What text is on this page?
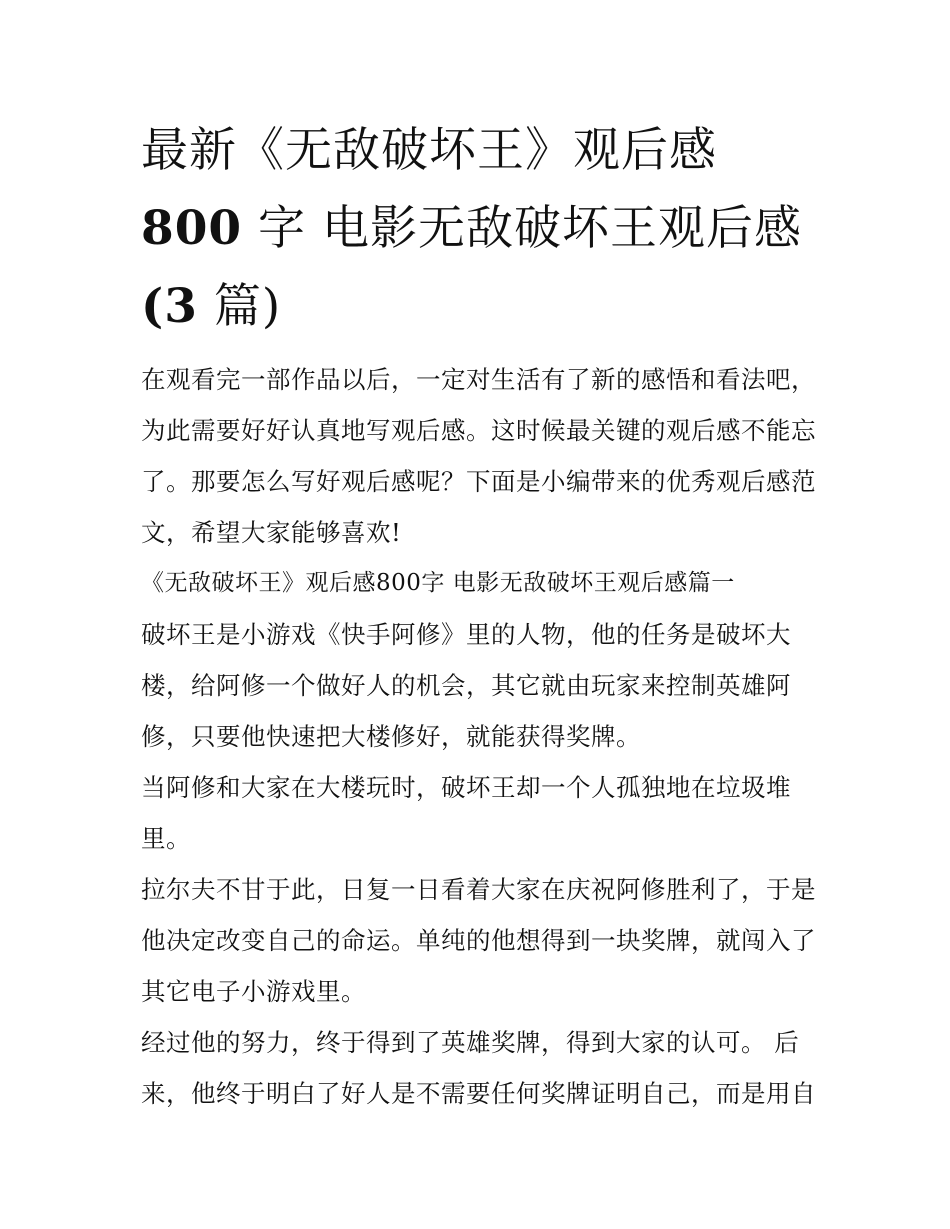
最新《无敌破坏王》观后感
800 字 电影无敌破坏王观后感
(3 篇)

在观看完一部作品以后，一定对生活有了新的感悟和看法吧，为此需要好好认真地写观后感。这时候最关键的观后感不能忘了。那要怎么写好观后感呢？下面是小编带来的优秀观后感范文，希望大家能够喜欢!

《无敌破坏王》观后感800字 电影无敌破坏王观后感篇一

破坏王是小游戏《快手阿修》里的人物，他的任务是破坏大楼，给阿修一个做好人的机会，其它就由玩家来控制英雄阿修，只要他快速把大楼修好，就能获得奖牌。

当阿修和大家在大楼玩时，破坏王却一个人孤独地在垃圾堆里。

拉尔夫不甘于此，日复一日看着大家在庆祝阿修胜利了，于是他决定改变自己的命运。单纯的他想得到一块奖牌，就闯入了其它电子小游戏里。

经过他的努力，终于得到了英雄奖牌，得到大家的认可。 后来，他终于明白了好人是不需要任何奖牌证明自己，而是用自
